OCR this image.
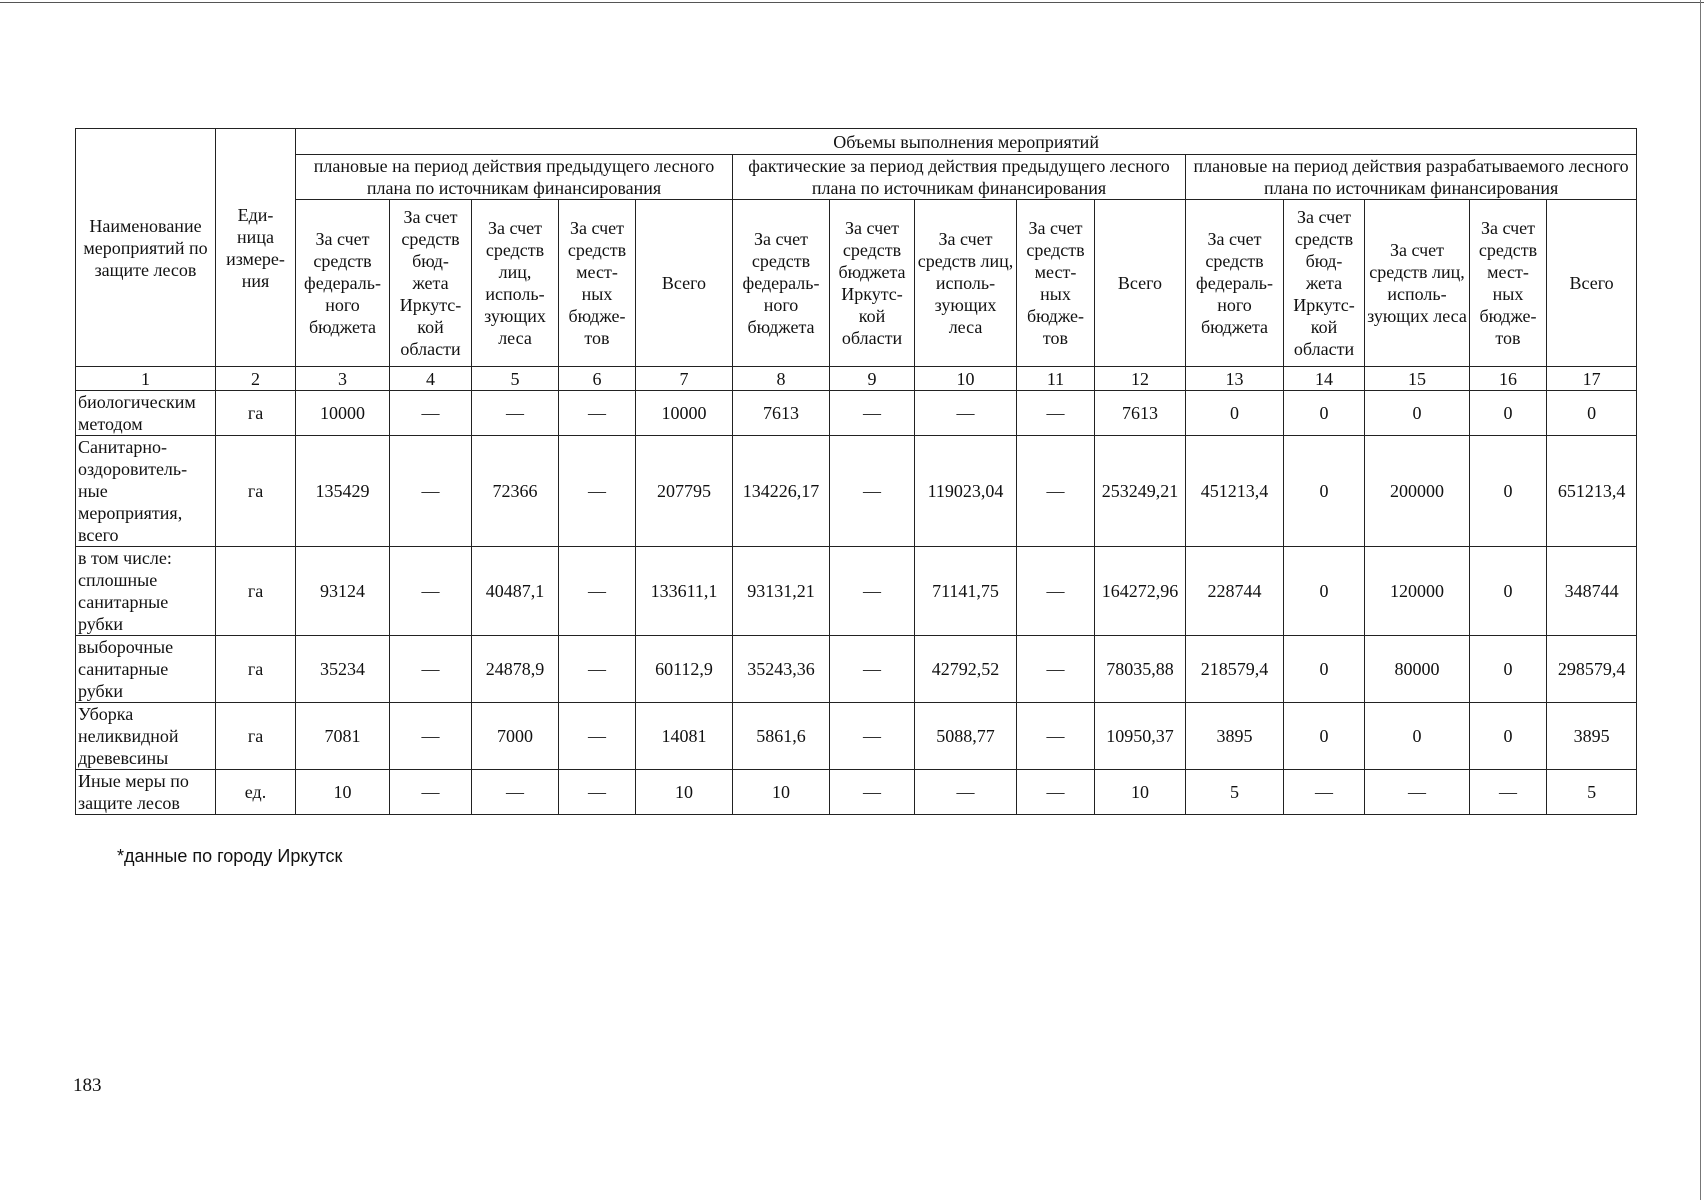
Наименование мероприятий по защите лесов	Еди- ница измере- ния	Объемы выполнения мероприятий														
		плановые на период действия предыдущего лесного плана по источникам финансирования					фактические за период действия предыдущего лесного плана по источникам финансирования					плановые на период действия разрабатываемого лесного плана по источникам финансирования				
		За счет средств федераль- ного бюджета	За счет средств бюд- жета Иркутс- кой области	За счет средств лиц, исполь- зующих леса	За счет средств мест- ных бюдже- тов	Всего	За счет средств федераль- ного бюджета	За счет средств бюджета Иркутс- кой области	За счет средств лиц, исполь- зующих леса	За счет средств мест- ных бюдже- тов	Всего	За счет средств федераль- ного бюджета	За счет средств бюд- жета Иркутс- кой области	За счет средств лиц, исполь- зующих леса	За счет средств мест- ных бюдже- тов	Всего
1	2	3	4	5	6	7	8	9	10	11	12	13	14	15	16	17
биологическим методом	га	10000	—	—	—	10000	7613	—	—	—	7613	0	0	0	0	0
Санитарно- оздоровитель- ные мероприятия, всего	га	135429	—	72366	—	207795	134226,17	—	119023,04	—	253249,21	451213,4	0	200000	0	651213,4
в том числе: сплошные санитарные рубки	га	93124	—	40487,1	—	133611,1	93131,21	—	71141,75	—	164272,96	228744	0	120000	0	348744
выборочные санитарные рубки	га	35234	—	24878,9	—	60112,9	35243,36	—	42792,52	—	78035,88	218579,4	0	80000	0	298579,4
Уборка неликвидной древевсины	га	7081	—	7000	—	14081	5861,6	—	5088,77	—	10950,37	3895	0	0	0	3895
Иные меры по защите лесов	ед.	10	—	—	—	10	10	—	—	—	10	5	—	—	—	5
*данные по городу Иркутск
183
